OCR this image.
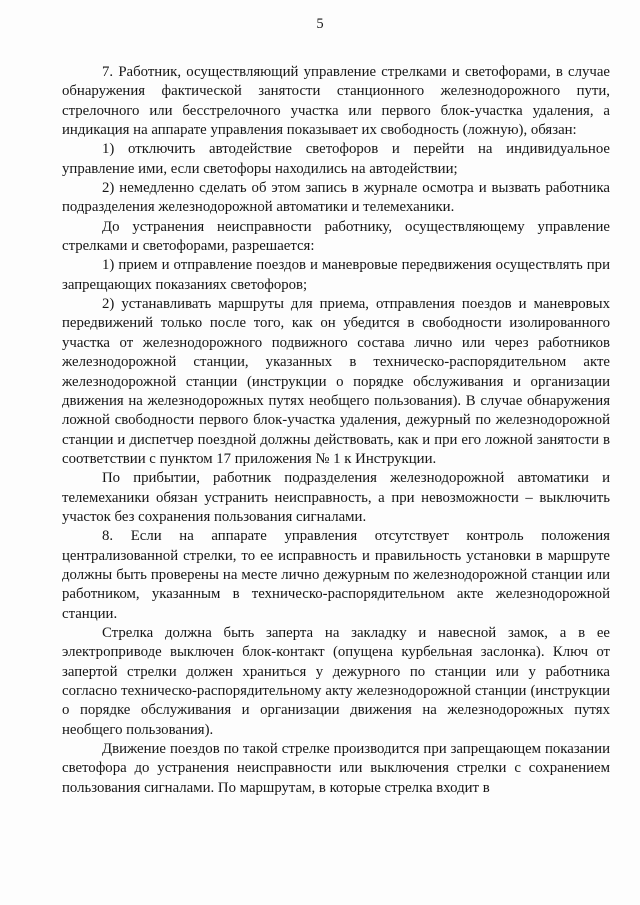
5

7. Работник, осуществляющий управление стрелками и светофорами, в случае обнаружения фактической занятости станционного железнодорожного пути, стрелочного или бесстрелочного участка или первого блок-участка удаления, а индикация на аппарате управления показывает их свободность (ложную), обязан:

1) отключить автодействие светофоров и перейти на индивидуальное управление ими, если светофоры находились на автодействии;

2) немедленно сделать об этом запись в журнале осмотра и вызвать работника подразделения железнодорожной автоматики и телемеханики.

До устранения неисправности работнику, осуществляющему управление стрелками и светофорами, разрешается:

1) прием и отправление поездов и маневровые передвижения осуществлять при запрещающих показаниях светофоров;

2) устанавливать маршруты для приема, отправления поездов и маневровых передвижений только после того, как он убедится в свободности изолированного участка от железнодорожного подвижного состава лично или через работников железнодорожной станции, указанных в техническо-распорядительном акте железнодорожной станции (инструкции о порядке обслуживания и организации движения на железнодорожных путях необщего пользования). В случае обнаружения ложной свободности первого блок-участка удаления, дежурный по железнодорожной станции и диспетчер поездной должны действовать, как и при его ложной занятости в соответствии с пунктом 17 приложения № 1 к Инструкции.

По прибытии, работник подразделения железнодорожной автоматики и телемеханики обязан устранить неисправность, а при невозможности – выключить участок без сохранения пользования сигналами.

8. Если на аппарате управления отсутствует контроль положения централизованной стрелки, то ее исправность и правильность установки в маршруте должны быть проверены на месте лично дежурным по железнодорожной станции или работником, указанным в техническо-распорядительном акте железнодорожной станции.

Стрелка должна быть заперта на закладку и навесной замок, а в ее электроприводе выключен блок-контакт (опущена курбельная заслонка). Ключ от запертой стрелки должен храниться у дежурного по станции или у работника согласно техническо-распорядительному акту железнодорожной станции (инструкции о порядке обслуживания и организации движения на железнодорожных путях необщего пользования).

Движение поездов по такой стрелке производится при запрещающем показании светофора до устранения неисправности или выключения стрелки с сохранением пользования сигналами. По маршрутам, в которые стрелка входит в
